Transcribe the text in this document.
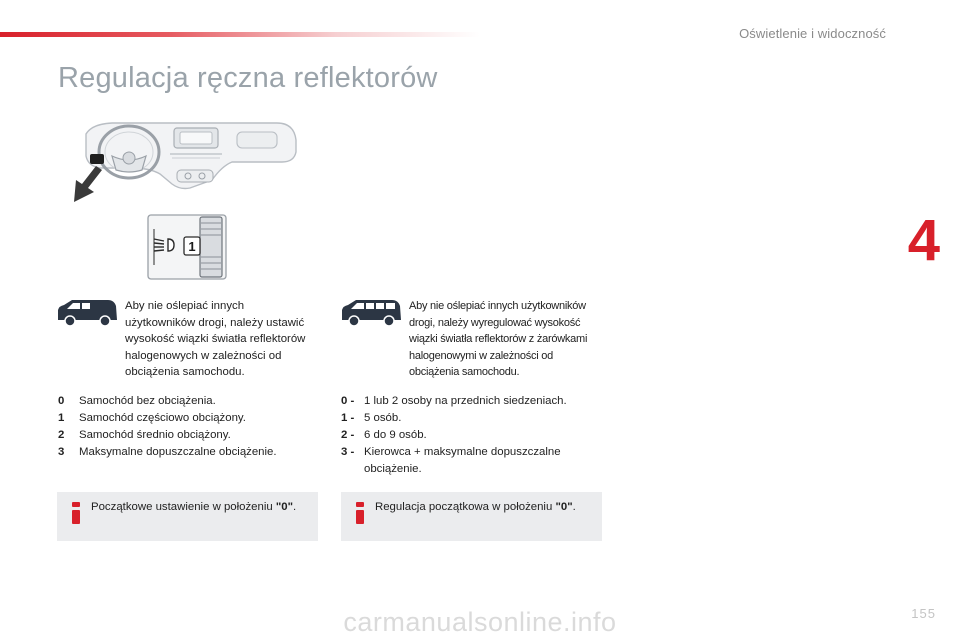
Oświetlenie i widoczność
Regulacja ręczna reflektorów
4
1
Aby nie oślepiać innych
użytkowników drogi, należy ustawić
wysokość wiązki światła reflektorów
halogenowych w zależności od
obciążenia samochodu.
Aby nie oślepiać innych użytkowników
drogi, należy wyregulować wysokość
wiązki światła reflektorów z żarówkami
halogenowymi w zależności od
obciążenia samochodu.
0	Samochód bez obciążenia.
1	Samochód częściowo obciążony.
2	Samochód średnio obciążony.
3	Maksymalne dopuszczalne obciążenie.
0 - 1 lub 2 osoby na przednich siedzeniach.
1 - 5 osób.
2 - 6 do 9 osób.
3 - Kierowca + maksymalne dopuszczalne
obciążenie.
Początkowe ustawienie w położeniu "0".	Regulacja początkowa w położeniu "0".
155
carmanualsonline.info
